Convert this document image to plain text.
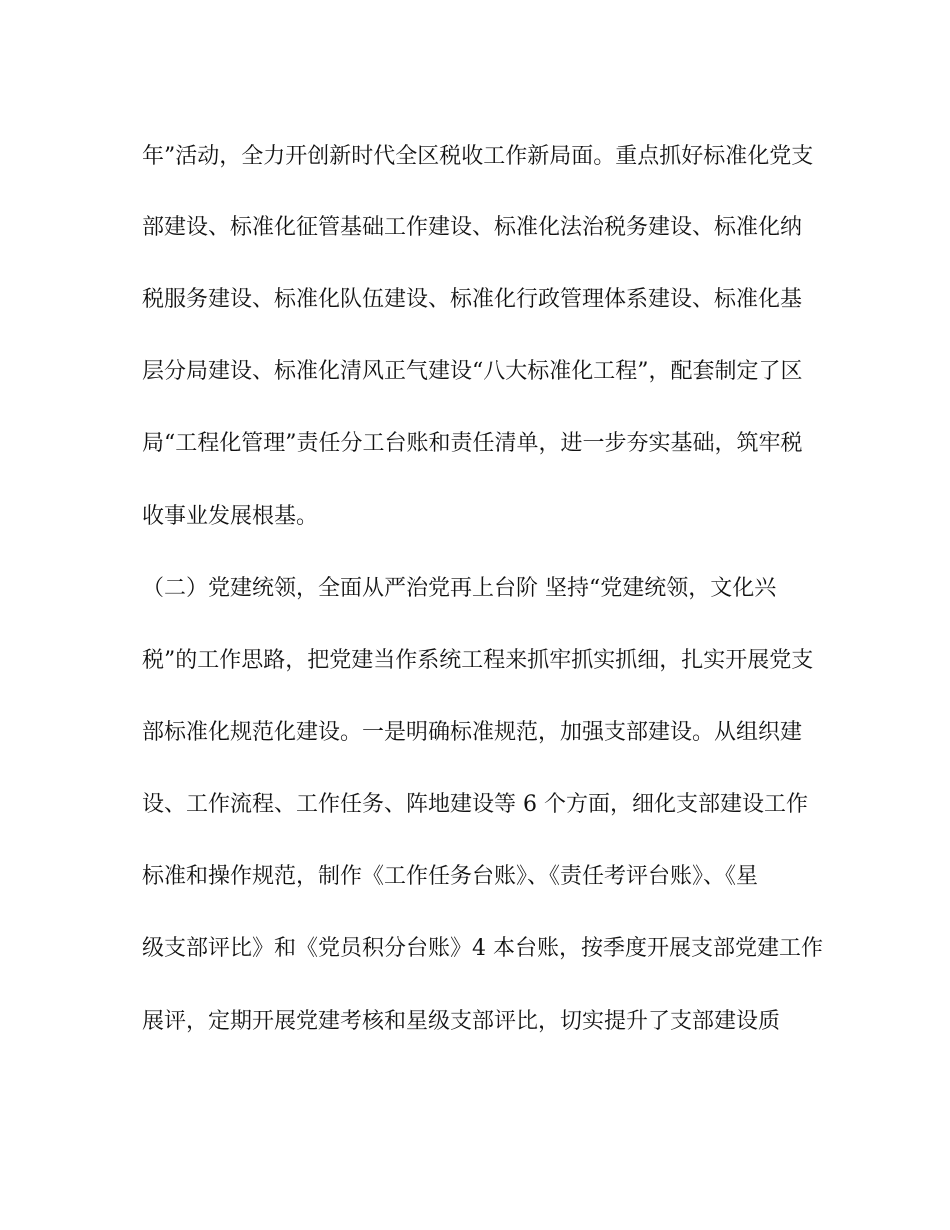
年”活动，全力开创新时代全区税收工作新局面。重点抓好标准化党支
部建设、标准化征管基础工作建设、标准化法治税务建设、标准化纳
税服务建设、标准化队伍建设、标准化行政管理体系建设、标准化基
层分局建设、标准化清风正气建设“八大标准化工程”，配套制定了区
局“工程化管理”责任分工台账和责任清单，进一步夯实基础，筑牢税
收事业发展根基。
（二）党建统领，全面从严治党再上台阶 坚持“党建统领，文化兴
税”的工作思路，把党建当作系统工程来抓牢抓实抓细，扎实开展党支
部标准化规范化建设。一是明确标准规范，加强支部建设。从组织建
设、工作流程、工作任务、阵地建设等 6 个方面，细化支部建设工作
标准和操作规范，制作《工作任务台账》、《责任考评台账》、《星
级支部评比》和《党员积分台账》4 本台账，按季度开展支部党建工作
展评，定期开展党建考核和星级支部评比，切实提升了支部建设质
